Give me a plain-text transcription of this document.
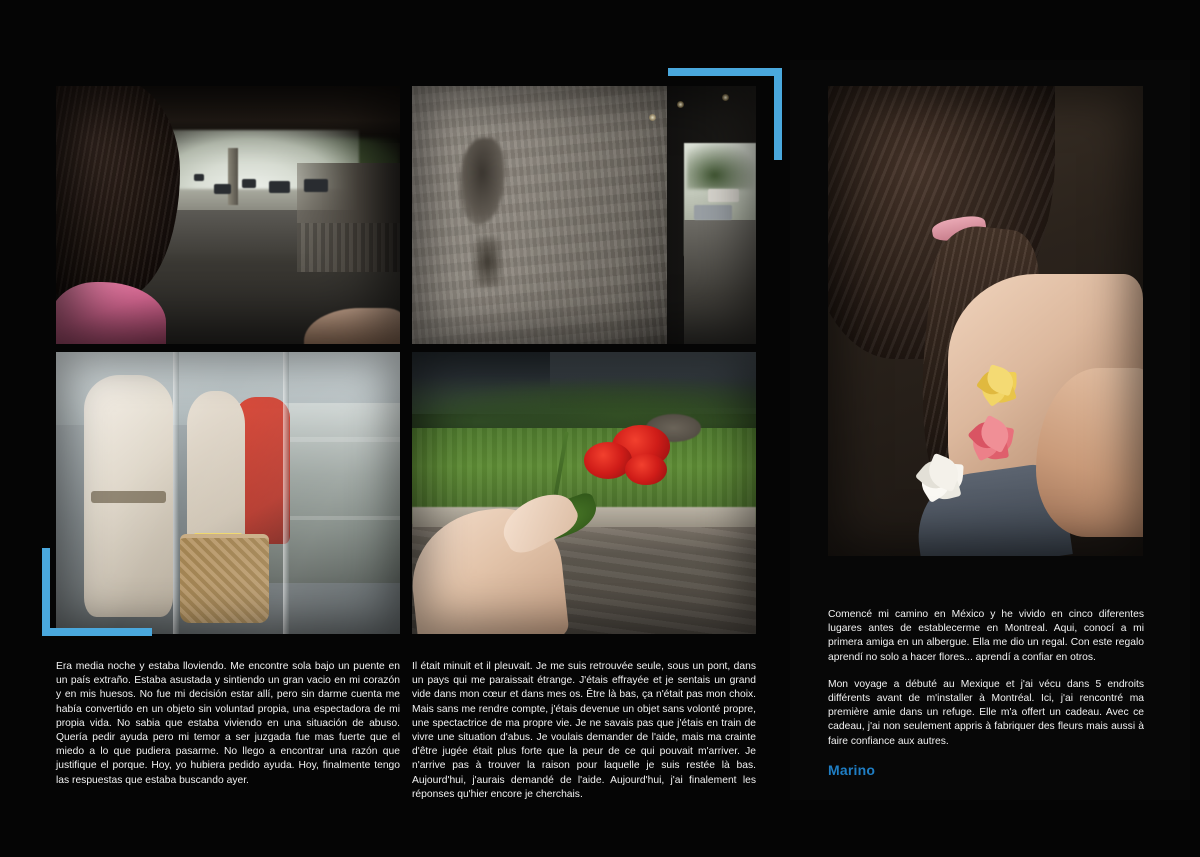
Era media noche y estaba lloviendo. Me encontre sola bajo un puente en un país extraño. Estaba asustada y sintiendo un gran vacio en mi corazón y en mis huesos. No fue mi decisión estar allí, pero sin darme cuenta me había convertido en un objeto sin voluntad propia, una espectadora de mi propia vida. No sabia que estaba viviendo en una situación de abuso. Quería pedir ayuda pero mi temor a ser juzgada fue mas fuerte que el miedo a lo que pudiera pasarme. No llego a encontrar una razón que justifique el porque. Hoy, yo hubiera pedido ayuda. Hoy, finalmente tengo las respuestas que estaba buscando ayer.

Il était minuit et il pleuvait. Je me suis retrouvée seule, sous un pont, dans un pays qui me paraissait étrange. J'étais effrayée et je sentais un grand vide dans mon cœur et dans mes os. Être là bas, ça n'était pas mon choix. Mais sans me rendre compte, j'étais devenue un objet sans volonté propre, une spectactrice de ma propre vie. Je ne savais pas que j'étais en train de vivre une situation d'abus. Je voulais demander de l'aide, mais ma crainte d'être jugée était plus forte que la peur de ce qui pouvait m'arriver. Je n'arrive pas à trouver la raison pour laquelle je suis restée là bas. Aujourd'hui, j'aurais demandé de l'aide. Aujourd'hui, j'ai finalement les réponses qu'hier encore je cherchais.

Comencé mi camino en México y he vivido en cinco diferentes lugares antes de establecerme en Montreal. Aqui, conocí a mi primera amiga en un albergue. Ella me dio un regal. Con este regalo aprendí no solo a hacer flores... aprendí a confiar en otros.

Mon voyage a débuté au Mexique et j'ai vécu dans 5 endroits différents avant de m'installer à Montréal. Ici, j'ai rencontré ma première amie dans un refuge. Elle m'a offert un cadeau. Avec ce cadeau, j'ai non seulement appris à fabriquer des fleurs mais aussi à faire confiance aux autres.

Marino
